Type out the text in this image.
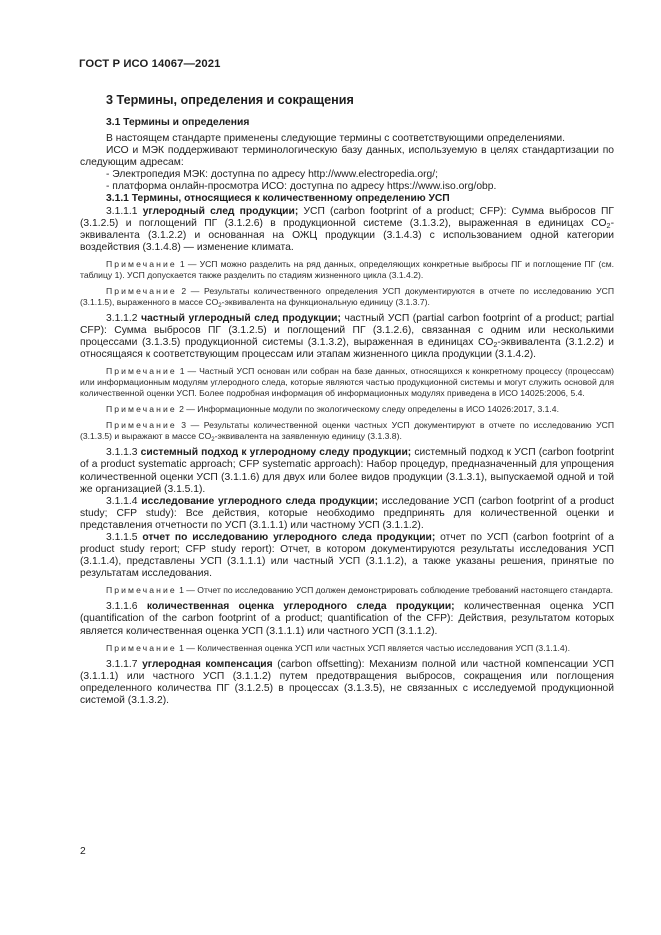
ГОСТ Р ИСО 14067—2021
3 Термины, определения и сокращения
3.1 Термины и определения

В настоящем стандарте применены следующие термины с соответствующими определениями.

ИСО и МЭК поддерживают терминологическую базу данных, используемую в целях стандартизации по следующим адресам:

- Электропедия МЭК: доступна по адресу http://www.electropedia.org/;

- платформа онлайн-просмотра ИСО: доступна по адресу https://www.iso.org/obp.

3.1.1 Термины, относящиеся к количественному определению УСП

3.1.1.1 углеродный след продукции; УСП (carbon footprint of a product; CFP): Сумма выбросов ПГ (3.1.2.5) и поглощений ПГ (3.1.2.6) в продукционной системе (3.1.3.2), выраженная в единицах $CO_2$-эквивалента (3.1.2.2) и основанная на ОЖЦ продукции (3.1.4.3) с использованием одной категории воздействия (3.1.4.8) — изменение климата.

Примечание 1 — УСП можно разделить на ряд данных, определяющих конкретные выбросы ПГ и поглощение ПГ (см. таблицу 1). УСП допускается также разделить по стадиям жизненного цикла (3.1.4.2).

Примечание 2 — Результаты количественного определения УСП документируются в отчете по исследованию УСП (3.1.1.5), выраженного в массе $CO_2$-эквивалента на функциональную единицу (3.1.3.7).

3.1.1.2 частный углеродный след продукции; частный УСП (partial carbon footprint of a product; partial CFP): Сумма выбросов ПГ (3.1.2.5) и поглощений ПГ (3.1.2.6), связанная с одним или несколькими процессами (3.1.3.5) продукционной системы (3.1.3.2), выраженная в единицах $CO_2$-эквивалента (3.1.2.2) и относящаяся к соответствующим процессам или этапам жизненного цикла продукции (3.1.4.2).

Примечание 1 — Частный УСП основан или собран на базе данных, относящихся к конкретному процессу (процессам) или информационным модулям углеродного следа, которые являются частью продукционной системы и могут служить основой для количественной оценки УСП. Более подробная информация об информационных модулях приведена в ИСО 14025:2006, 5.4.

Примечание 2 — Информационные модули по экологическому следу определены в ИСО 14026:2017, 3.1.4.

Примечание 3 — Результаты количественной оценки частных УСП документируют в отчете по исследованию УСП (3.1.3.5) и выражают в массе $CO_2$-эквивалента на заявленную единицу (3.1.3.8).

3.1.1.3 системный подход к углеродному следу продукции; системный подход к УСП (carbon footprint of a product systematic approach; CFP systematic approach): Набор процедур, предназначенный для упрощения количественной оценки УСП (3.1.1.6) для двух или более видов продукции (3.1.3.1), выпускаемой одной и той же организацией (3.1.5.1).

3.1.1.4 исследование углеродного следа продукции; исследование УСП (carbon footprint of a product study; CFP study): Все действия, которые необходимо предпринять для количественной оценки и представления отчетности по УСП (3.1.1.1) или частному УСП (3.1.1.2).

3.1.1.5 отчет по исследованию углеродного следа продукции; отчет по УСП (carbon footprint of a product study report; CFP study report): Отчет, в котором документируются результаты исследования УСП (3.1.1.4), представлены УСП (3.1.1.1) или частный УСП (3.1.1.2), а также указаны решения, принятые по результатам исследования.

Примечание 1 — Отчет по исследованию УСП должен демонстрировать соблюдение требований настоящего стандарта.

3.1.1.6 количественная оценка углеродного следа продукции; количественная оценка УСП (quantification of the carbon footprint of a product; quantification of the CFP): Действия, результатом которых является количественная оценка УСП (3.1.1.1) или частного УСП (3.1.1.2).

Примечание 1 — Количественная оценка УСП или частных УСП является частью исследования УСП (3.1.1.4).

3.1.1.7 углеродная компенсация (carbon offsetting): Механизм полной или частной компенсации УСП (3.1.1.1) или частного УСП (3.1.1.2) путем предотвращения выбросов, сокращения или поглощения определенного количества ПГ (3.1.2.5) в процессах (3.1.3.5), не связанных с исследуемой продукционной системой (3.1.3.2).

2
